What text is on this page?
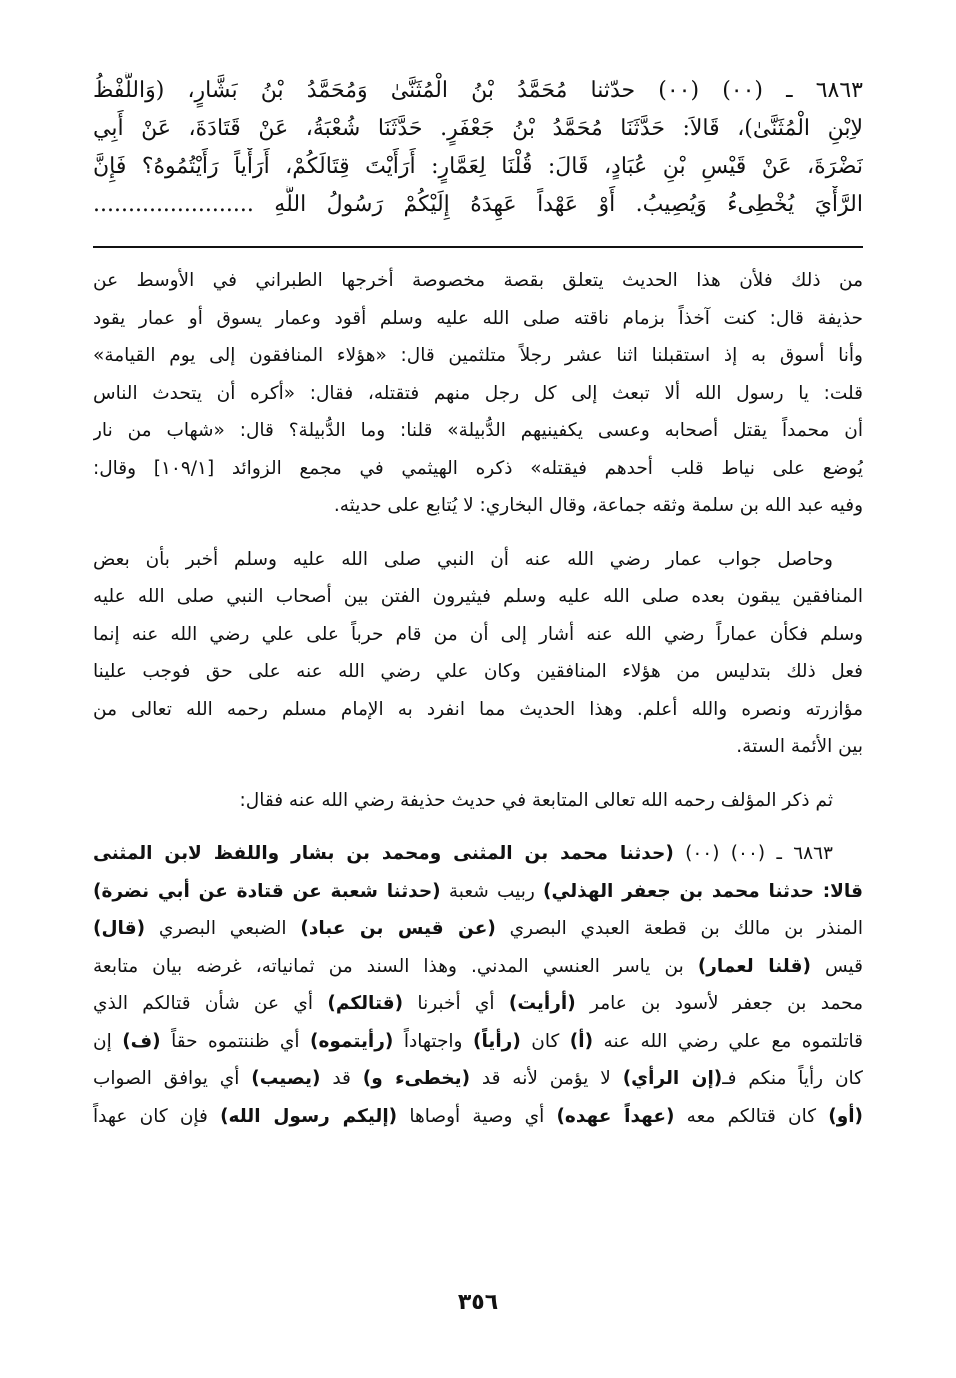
٦٨٦٣ ـ (٠٠) (٠٠) حدّثنا مُحَمَّدُ بْنُ الْمُثَنَّىٰ وَمُحَمَّدُ بْنُ بَشَّارٍ، (وَاللَّفْظُ
لاِبْنِ الْمُثَنَّىٰ)، قَالاَ: حَدَّثَنَا مُحَمَّدُ بْنُ جَعْفَرٍ. حَدَّثَنَا شُعْبَةُ، عَنْ قَتَادَةَ، عَنْ أَبِي
نَضْرَةَ، عَنْ قَيْسِ بْنِ عُبَادٍ، قَالَ: قُلْنَا لِعَمَّارٍ: أَرَأَيْتَ قِتَالَكُمْ، أَرَأْياً رَأَيْتُمُوهُ؟ فَإِنَّ
الرَّأْيَ يُخْطِىءُ وَيُصِيبُ. أَوْ عَهْداً عَهِدَهُ إِلَيْكُمْ رَسُولُ اللَّهِ .......................
من ذلك فلأن هذا الحديث يتعلق بقصة مخصوصة أخرجها الطبراني في الأوسط عن
حذيفة قال: كنت آخذاً بزمام ناقته صلى الله عليه وسلم أقود وعمار يسوق أو عمار يقود
وأنا أسوق به إذ استقبلنا اثنا عشر رجلاً متلثمين قال: «هؤلاء المنافقون إلى يوم القيامة»
قلت: يا رسول الله ألا تبعث إلى كل رجل منهم فتقتله، فقال: «أكره أن يتحدث الناس
أن محمداً يقتل أصحابه وعسى يكفينيهم الدُّبيلة» قلنا: وما الدُّبيلة؟ قال: «شهاب من نار
يُوضع على نياط قلب أحدهم فيقتله» ذكره الهيثمي في مجمع الزوائد [١٠٩/١] وقال:
وفيه عبد الله بن سلمة وثقه جماعة، وقال البخاري: لا يُتابع على حديثه.
وحاصل جواب عمار رضي الله عنه أن النبي صلى الله عليه وسلم أخبر بأن بعض
المنافقين يبقون بعده صلى الله عليه وسلم فيثيرون الفتن بين أصحاب النبي صلى الله عليه
وسلم فكأن عماراً رضي الله عنه أشار إلى أن من قام حرباً على علي رضي الله عنه إنما
فعل ذلك بتدليس من هؤلاء المنافقين وكان علي رضي الله عنه على حق فوجب علينا
مؤازرته ونصره والله أعلم. وهذا الحديث مما انفرد به الإمام مسلم رحمه الله تعالى من
بين الأئمة الستة.
ثم ذكر المؤلف رحمه الله تعالى المتابعة في حديث حذيفة رضي الله عنه فقال:
٦٨٦٣ ـ (٠٠) (٠٠) (حدثنا محمد بن المثنى ومحمد بن بشار واللفظ لابن المثنى
قالا: حدثنا محمد بن جعفر الهذلي) ربيب شعبة (حدثنا شعبة عن قتادة عن أبي نضرة)
المنذر بن مالك بن قطعة العبدي البصري (عن قيس بن عباد) الضبعي البصري (قال)
قيس (قلنا لعمار) بن ياسر العنسي المدني. وهذا السند من ثمانياته، غرضه بيان متابعة
محمد بن جعفر لأسود بن عامر (أرأيت) أي أخبرنا (قتالكم) أي عن شأن قتالكم الذي
قاتلتموه مع علي رضي الله عنه (أ) كان (رأياً) واجتهاداً (رأيتموه) أي ظننتموه حقاً (ف) إن
كان رأياً منكم فـ(إن الرأي) لا يؤمن لأنه قد (يخطىء و) قد (يصيب) أي يوافق الصواب
(أو) كان قتالكم معه (عهداً عهده) أي وصية أوصاها (إليكم رسول الله) فإن كان عهداً
٣٥٦
